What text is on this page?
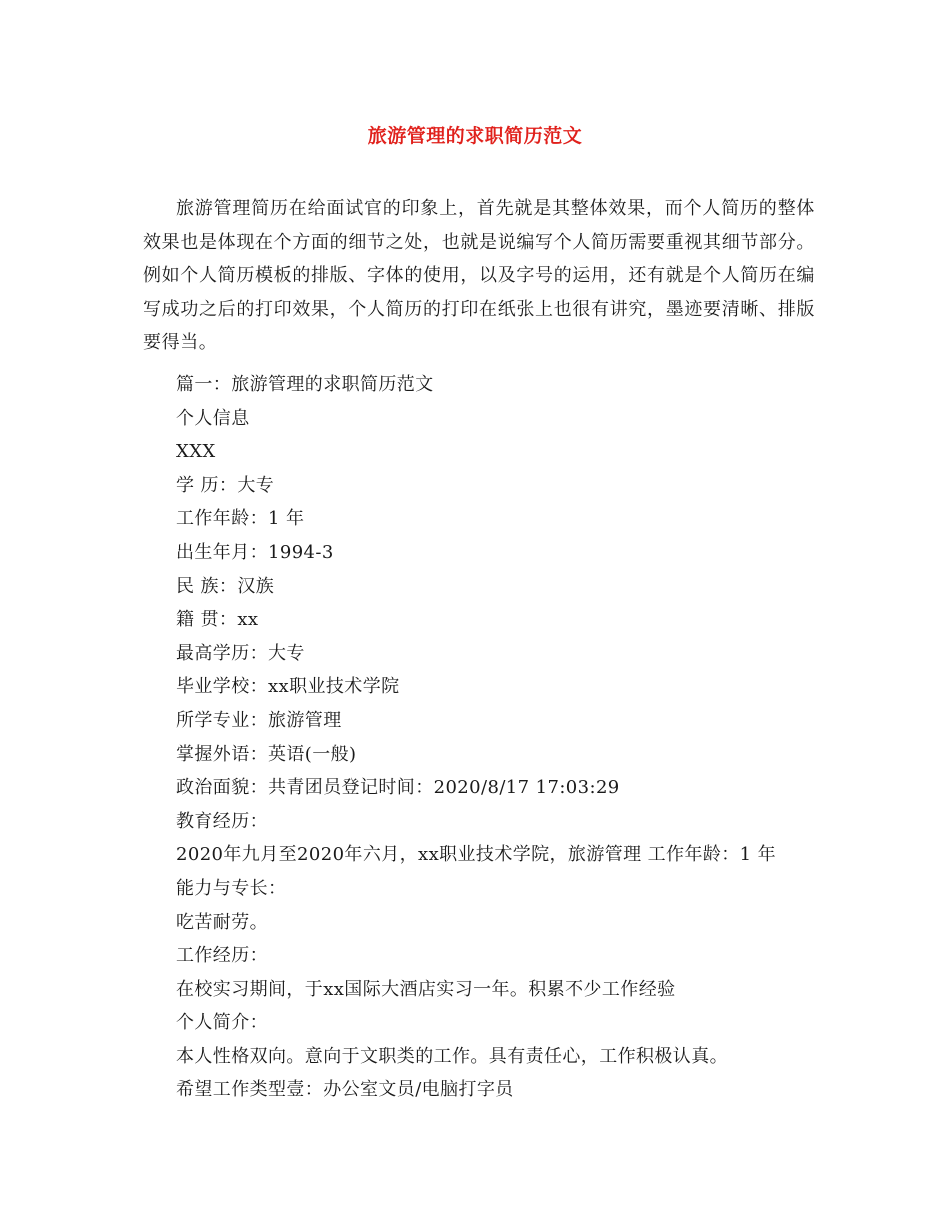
旅游管理的求职简历范文

旅游管理简历在给面试官的印象上，首先就是其整体效果，而个人简历的整体效果也是体现在个方面的细节之处，也就是说编写个人简历需要重视其细节部分。例如个人简历模板的排版、字体的使用，以及字号的运用，还有就是个人简历在编写成功之后的打印效果，个人简历的打印在纸张上也很有讲究，墨迹要清晰、排版要得当。

篇一：旅游管理的求职简历范文
个人信息
XXX
学 历：大专
工作年龄：1 年
出生年月：1994-3
民 族：汉族
籍 贯：xx
最高学历：大专
毕业学校：xx职业技术学院
所学专业：旅游管理
掌握外语：英语(一般)
政治面貌：共青团员登记时间：2020/8/17 17:03:29
教育经历：
2020年九月至2020年六月，xx职业技术学院，旅游管理 工作年龄：1 年
能力与专长：
吃苦耐劳。
工作经历：
在校实习期间，于xx国际大酒店实习一年。积累不少工作经验
个人简介：
本人性格双向。意向于文职类的工作。具有责任心，工作积极认真。
希望工作类型壹：办公室文员/电脑打字员
